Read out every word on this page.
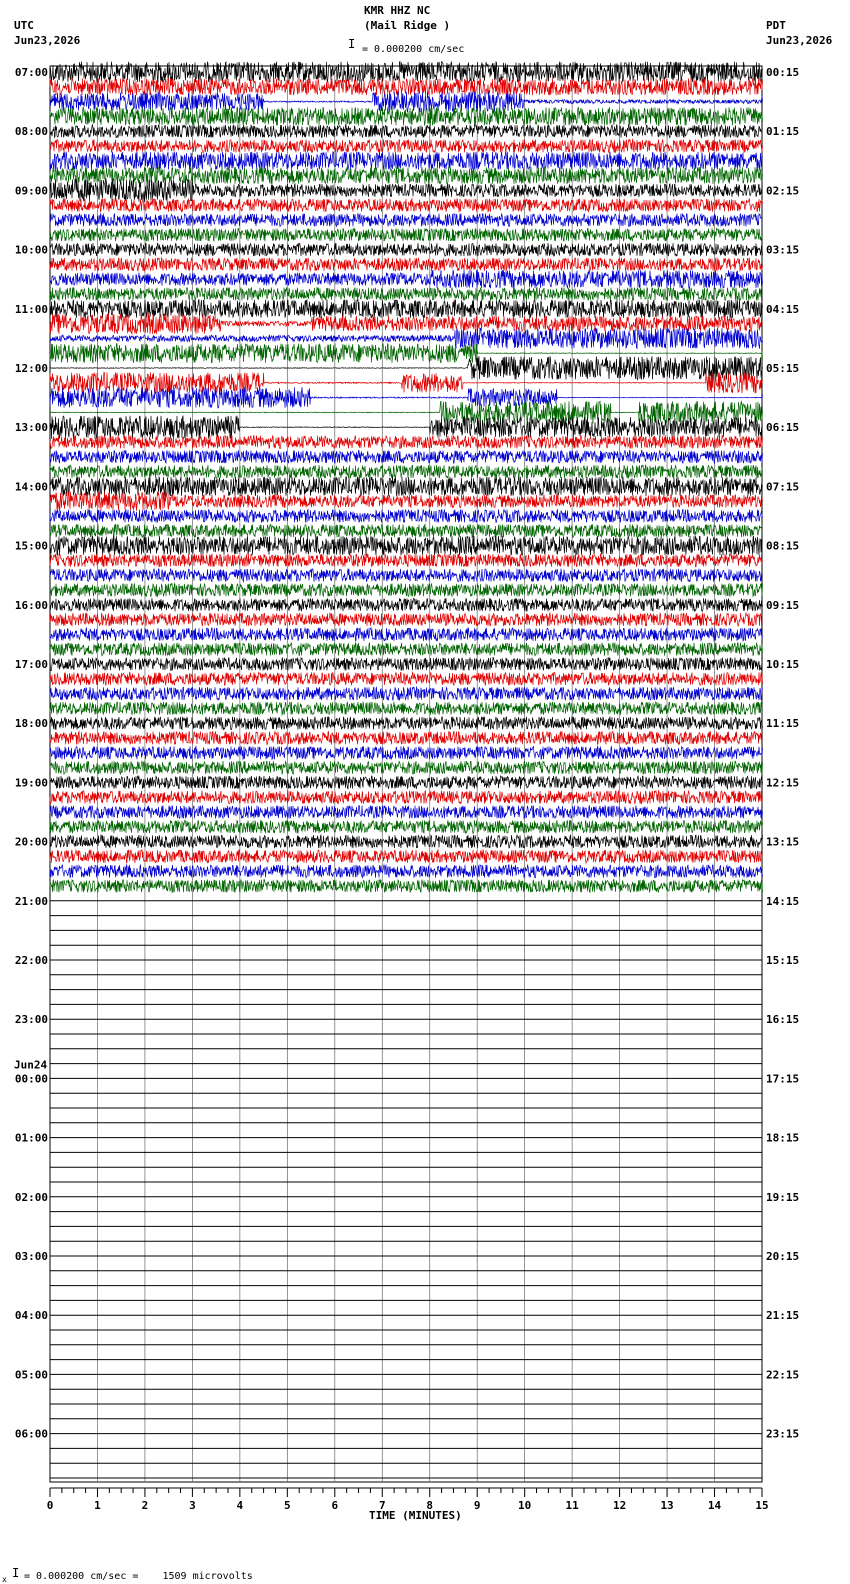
0	1	2	3	4	5	6	7	8	9	10	11	12	13	14	15
07:00
08:00
09:00
10:00
11:00
12:00
13:00
14:00
15:00
16:00
17:00
18:00
19:00
20:00
21:00
22:00
23:00
00:00
Jun24
01:00
02:00
03:00
04:00
05:00
06:00
00:15
01:15
02:15
03:15
04:15
05:15
06:15
07:15
08:15
09:15
10:15
11:15
12:15
13:15
14:15
15:15
16:15
17:15
18:15
19:15
20:15
21:15
22:15
23:15
KMR HHZ NC
(Mail Ridge )
I = 0.000200 cm/sec
UTC
Jun23,2026
PDT
Jun23,2026
TIME (MINUTES)
x I = 0.000200 cm/sec =    1509 microvolts
